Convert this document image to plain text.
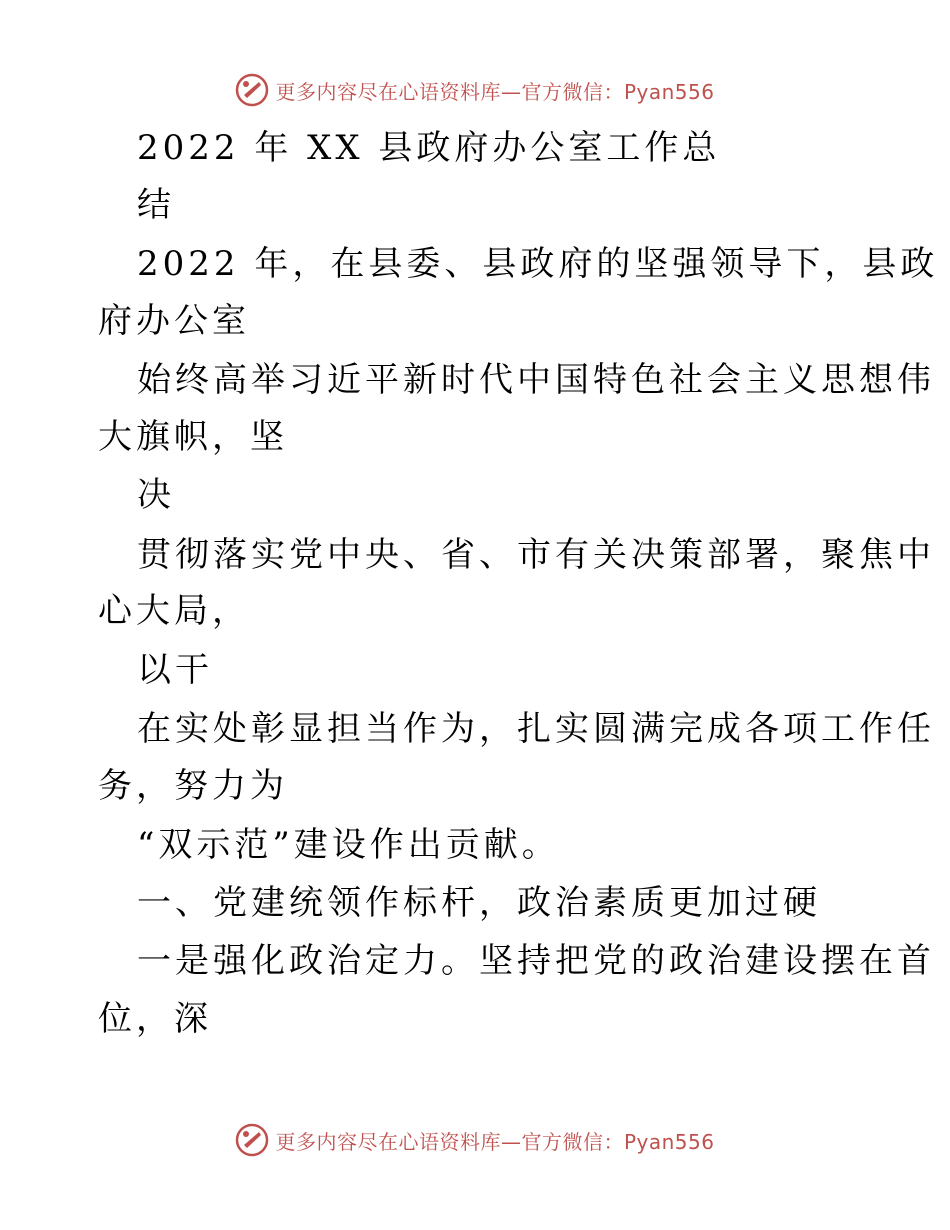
更多内容尽在心语资料库—官方微信：Pyan556
2022 年 XX 县政府办公室工作总
结
2022 年，在县委、县政府的坚强领导下，县政
府办公室
始终高举习近平新时代中国特色社会主义思想伟
大旗帜，坚
决
贯彻落实党中央、省、市有关决策部署，聚焦中
心大局，
以干
在实处彰显担当作为，扎实圆满完成各项工作任
务，努力为
“双示范”建设作出贡献。
一、党建统领作标杆，政治素质更加过硬
一是强化政治定力。坚持把党的政治建设摆在首
位，深
更多内容尽在心语资料库—官方微信：Pyan556
